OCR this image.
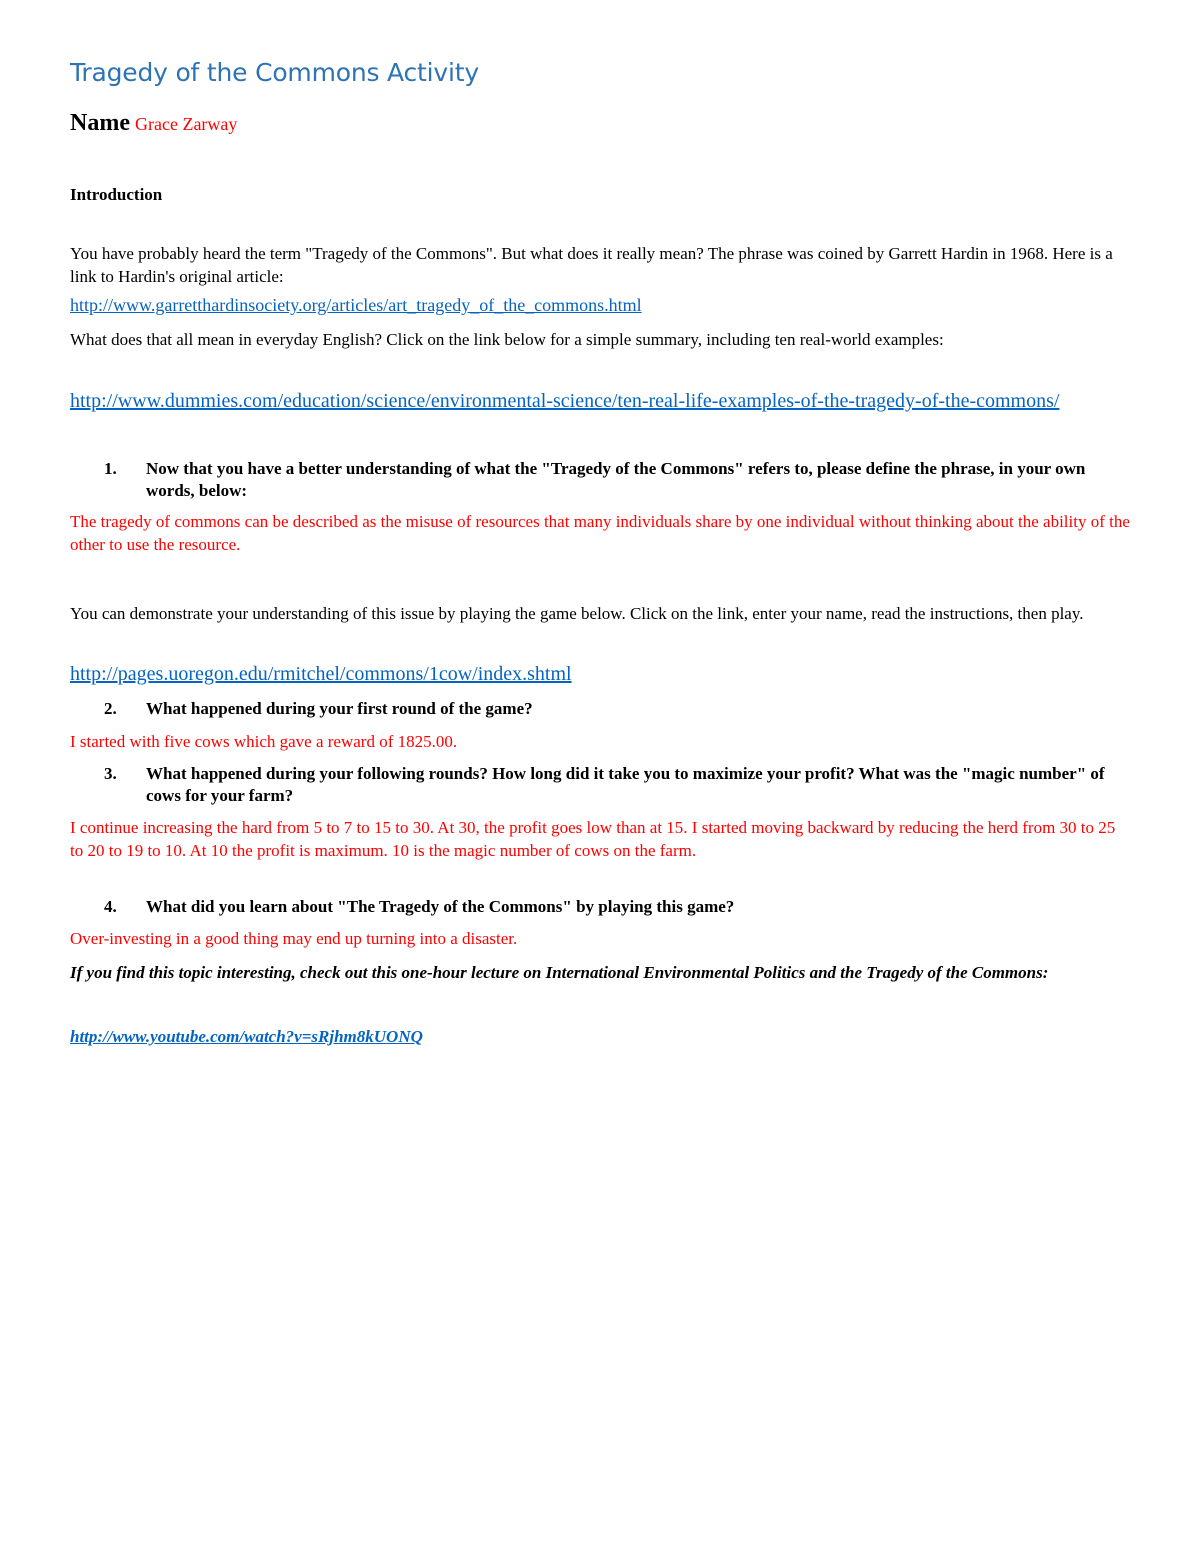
Tragedy of the Commons Activity
Name Grace Zarway
Introduction
You have probably heard the term "Tragedy of the Commons". But what does it really mean? The phrase was coined by Garrett Hardin in 1968. Here is a link to Hardin's original article:
http://www.garretthardinsociety.org/articles/art_tragedy_of_the_commons.html
What does that all mean in everyday English? Click on the link below for a simple summary, including ten real-world examples:
http://www.dummies.com/education/science/environmental-science/ten-real-life-examples-of-the-tragedy-of-the-commons/
1. Now that you have a better understanding of what the "Tragedy of the Commons" refers to, please define the phrase, in your own words, below:
The tragedy of commons can be described as the misuse of resources that many individuals share by one individual without thinking about the ability of the other to use the resource.
You can demonstrate your understanding of this issue by playing the game below. Click on the link, enter your name, read the instructions, then play.
http://pages.uoregon.edu/rmitchel/commons/1cow/index.shtml
2. What happened during your first round of the game?
I started with five cows which gave a reward of 1825.00.
3. What happened during your following rounds? How long did it take you to maximize your profit? What was the "magic number" of cows for your farm?
I continue increasing the hard from 5 to 7 to 15 to 30. At 30, the profit goes low than at 15. I started moving backward by reducing the herd from 30 to 25 to 20 to 19 to 10. At 10 the profit is maximum. 10 is the magic number of cows on the farm.
4. What did you learn about "The Tragedy of the Commons" by playing this game?
Over-investing in a good thing may end up turning into a disaster.
If you find this topic interesting, check out this one-hour lecture on International Environmental Politics and the Tragedy of the Commons:
http://www.youtube.com/watch?v=sRjhm8kUONQ
